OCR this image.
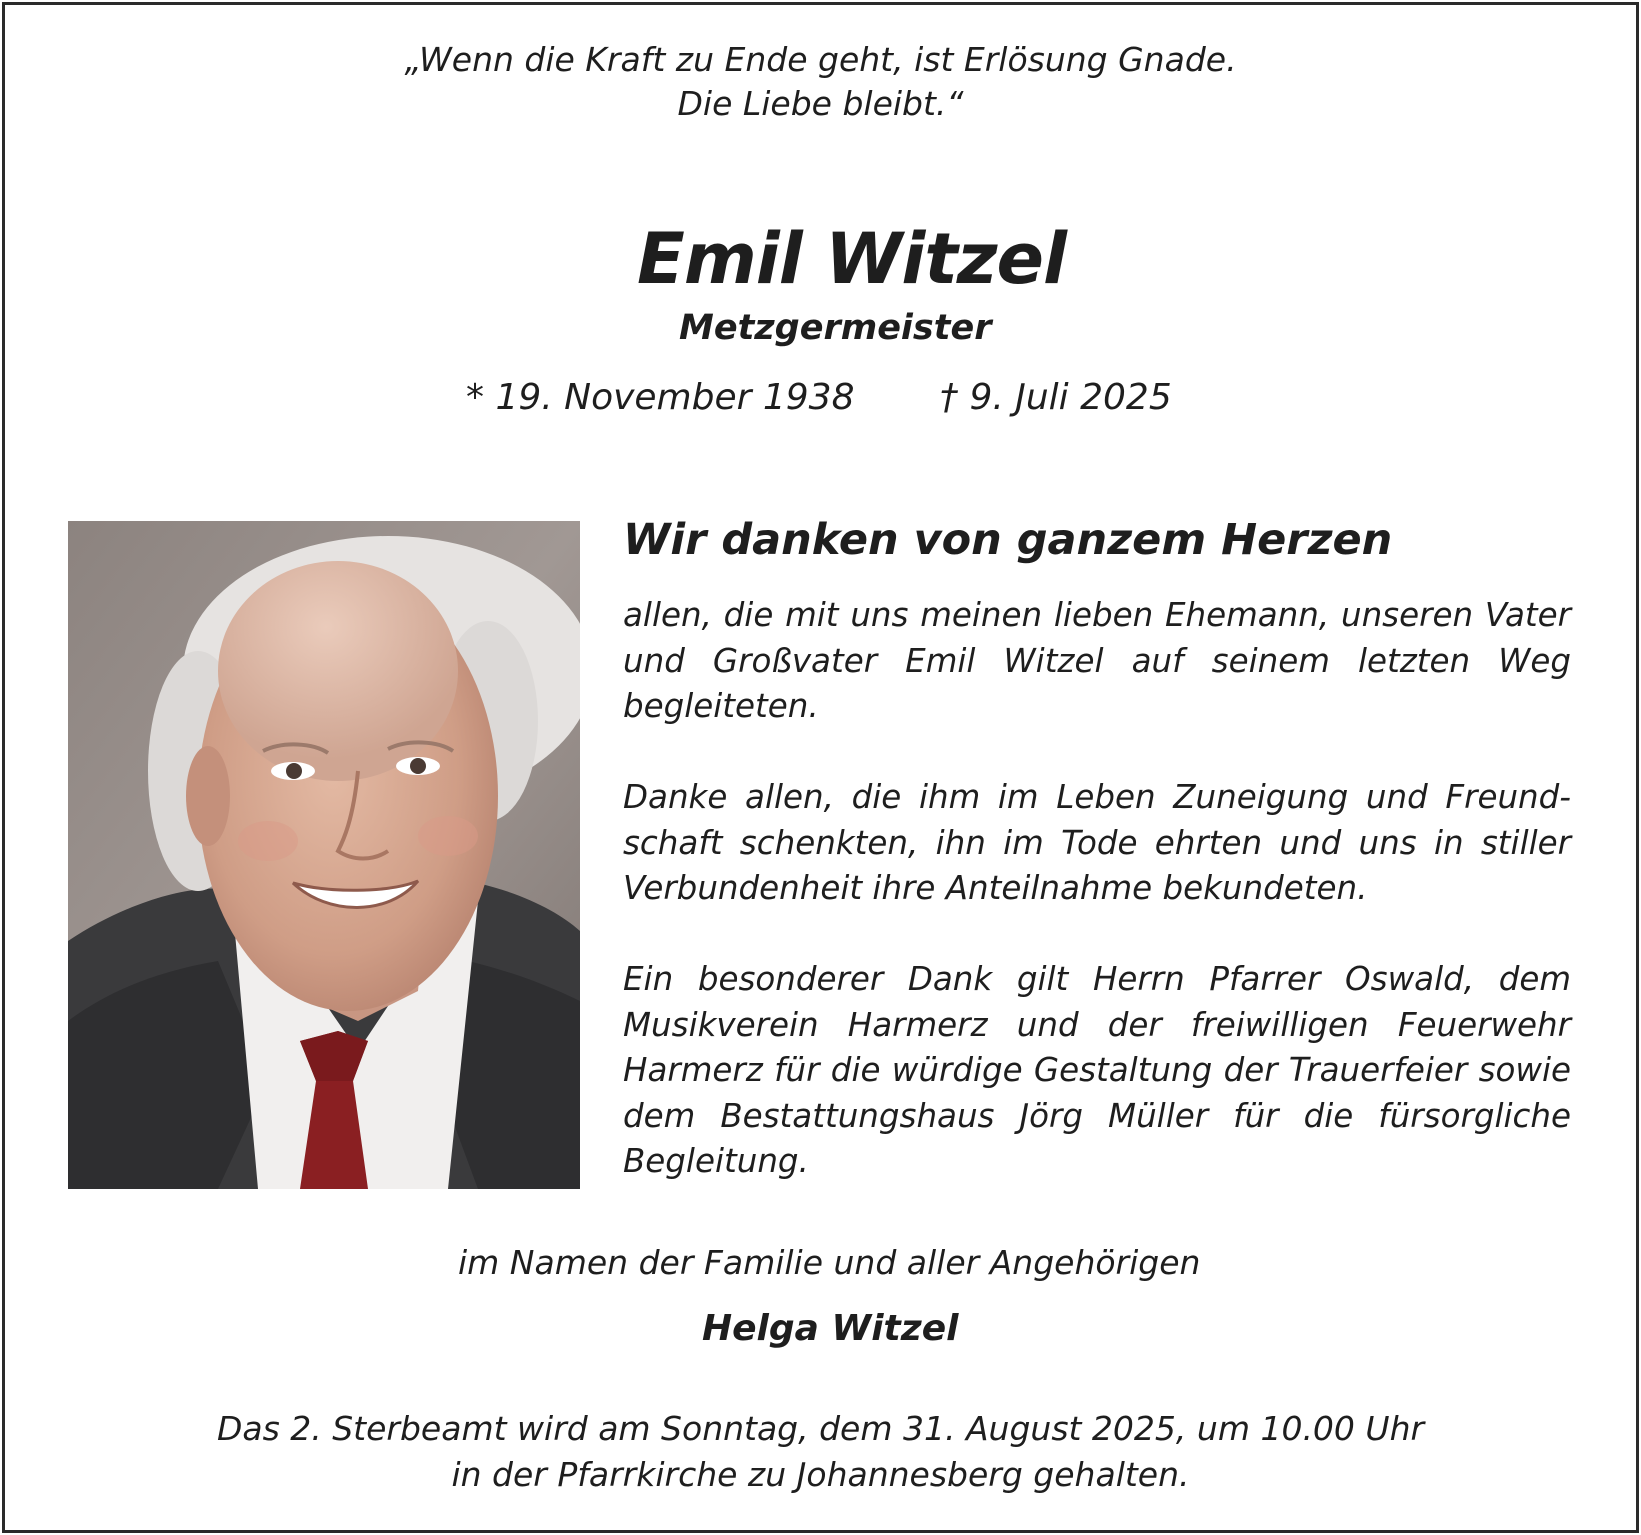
„Wenn die Kraft zu Ende geht, ist Erlösung Gnade.
Die Liebe bleibt.“
Emil Witzel
Metzgermeister
* 19. November 1938 † 9. Juli 2025
Wir danken von ganzem Herzen
allen, die mit uns meinen lieben Ehemann, unseren Vater und Großvater Emil Witzel auf seinem letzten Weg begleiteten.
Danke allen, die ihm im Leben Zuneigung und Freund- schaft schenkten, ihn im Tode ehrten und uns in stiller Verbundenheit ihre Anteilnahme bekundeten.
Ein besonderer Dank gilt Herrn Pfarrer Oswald, dem Musikverein Harmerz und der freiwilligen Feuerwehr Harmerz für die würdige Gestaltung der Trauerfeier sowie dem Bestattungshaus Jörg Müller für die fürsorgliche Begleitung.
im Namen der Familie und aller Angehörigen
Helga Witzel
Das 2. Sterbeamt wird am Sonntag, dem 31. August 2025, um 10.00 Uhr
in der Pfarrkirche zu Johannesberg gehalten.
